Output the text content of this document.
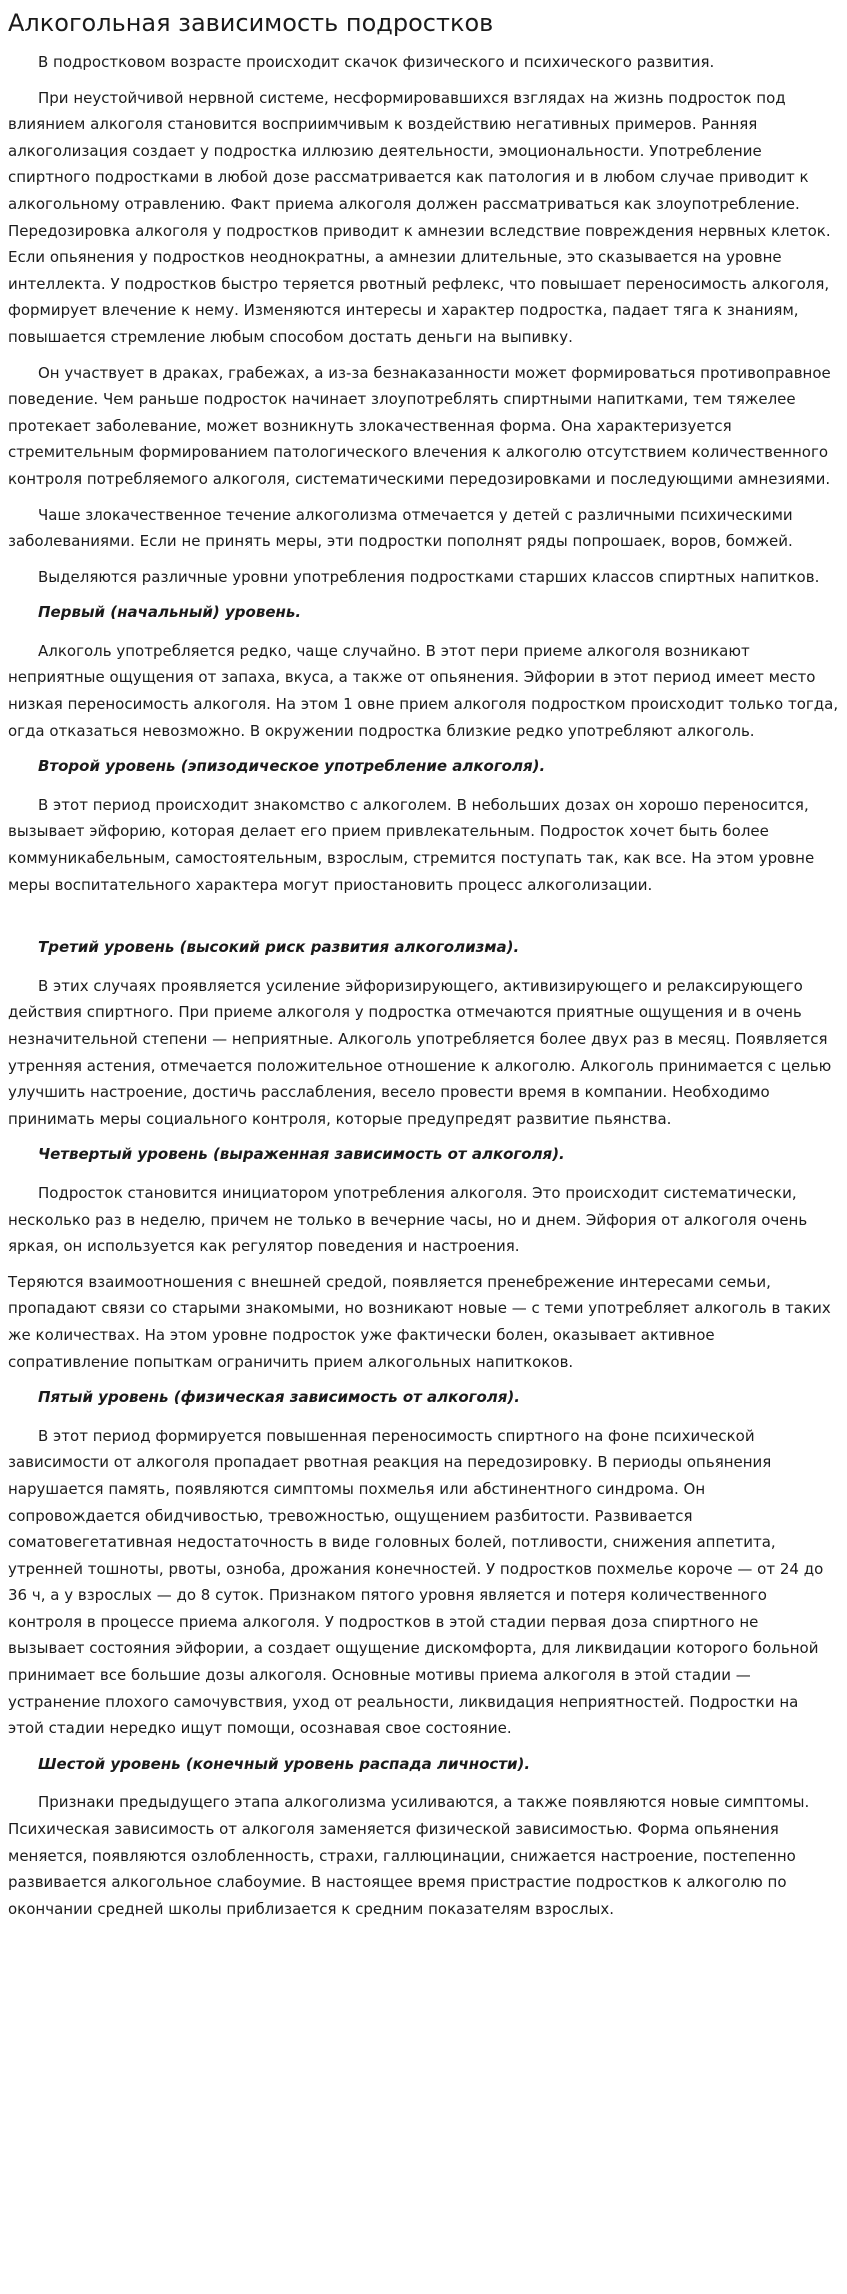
Алкогольная зависимость подростков

В подростковом возрасте происходит скачок физического и психического развития.

При неустойчивой нервной системе, несформировавшихся взглядах на жизнь подросток под влиянием алкоголя становится восприимчивым к воздействию негативных примеров. Ранняя алкоголизация создает у подростка иллюзию деятельности, эмоциональности. Употребление спиртного подростками в любой дозе рассматривается как патология и в любом случае приводит к алкогольному отравлению. Факт приема алкоголя должен рассматриваться как злоупотребление. Передозировка алкоголя у подростков приводит к амнезии вследствие повреждения нервных клеток. Если опьянения у подростков неоднократны, а амнезии длительные, это сказывается на уровне интеллекта. У подростков быстро теряется рвотный рефлекс, что повышает переносимость алкоголя, формирует влечение к нему. Изменяются интересы и характер подростка, падает тяга к знаниям, повышается стремление любым способом достать деньги на выпивку.

Он участвует в драках, грабежах, а из-за безнаказанности может формироваться противоправное поведение. Чем раньше подросток начинает злоупотреблять спиртными напитками, тем тяжелее протекает заболевание, может возникнуть злокачественная форма. Она характеризуется стремительным формированием патологического влечения к алкоголю отсутствием количественного контроля потребляемого алкоголя, систематическими передозировками и последующими амнезиями.

Чаше злокачественное течение алкоголизма отмечается у детей с различными психическими заболеваниями. Если не принять меры, эти подростки пополнят ряды попрошаек, воров, бомжей.

Выделяются различные уровни употребления подростками старших классов спиртных напитков.

Первый (начальный) уровень.

Алкоголь употребляется редко, чаще случайно. В этот пери приеме алкоголя возникают неприятные ощущения от запаха, вкуса, а также от опьянения. Эйфории в этот период имеет место низкая переносимость алкоголя. На этом 1 овне прием алкоголя подростком происходит только тогда, огда отказаться невозможно. В окружении подростка близкие редко употребляют алкоголь.

Второй уровень (эпизодическое употребление алкоголя).

В этот период происходит знакомство с алкоголем. В небольших дозах он хорошо переносится, вызывает эйфорию, которая делает его прием привлекательным. Подросток хочет быть более коммуникабельным, самостоятельным, взрослым, стремится поступать так, как все. На этом уровне меры воспитательного характера могут приостановить процесс алкоголизации.

Третий уровень (высокий риск развития алкоголизма).

В этих случаях проявляется усиление эйфоризирующего, активизирующего и релаксирующего действия спиртного. При приеме алкоголя у подростка отмечаются приятные ощущения и в очень незначительной степени — неприятные. Алкоголь употребляется более двух раз в месяц. Появляется утренняя астения, отмечается положительное отношение к алкоголю. Алкоголь принимается с целью улучшить настроение, достичь расслабления, весело провести время в компании. Необходимо принимать меры социального контроля, которые предупредят развитие пьянства.

Четвертый уровень (выраженная зависимость от алкоголя).

Подросток становится инициатором употребления алкоголя. Это происходит систематически, несколько раз в неделю, причем не только в вечерние часы, но и днем. Эйфория от алкоголя очень яркая, он используется как регулятор поведения и настроения.

Теряются взаимоотношения с внешней средой, появляется пренебрежение интересами семьи, пропадают связи со старыми знакомыми, но возникают новые — с теми употребляет алкоголь в таких же количествах. На этом уровне подросток уже фактически болен, оказывает активное сопративление попыткам ограничить прием алкогольных напиткоков.

Пятый уровень (физическая зависимость от алкоголя).

В этот период формируется повышенная переносимость спиртного на фоне психической зависимости от алкоголя пропадает рвотная реакция на передозировку. В периоды опьянения нарушается память, появляются симптомы похмелья или абстинентного синдрома. Он сопровождается обидчивостью, тревожностью, ощущением разбитости. Развивается соматовегетативная недостаточность в виде головных болей, потливости, снижения аппетита, утренней тошноты, рвоты, озноба, дрожания конечностей. У подростков похмелье короче — от 24 до 36 ч, а у взрослых — до 8 суток. Признаком пятого уровня является и потеря количественного контроля в процессе приема алкоголя. У подростков в этой стадии первая доза спиртного не вызывает состояния эйфории, а создает ощущение дискомфорта, для ликвидации которого больной принимает все большие дозы алкоголя. Основные мотивы приема алкоголя в этой стадии — устранение плохого самочувствия, уход от реальности, ликвидация неприятностей. Подростки на этой стадии нередко ищут помощи, осознавая свое состояние.

Шестой уровень (конечный уровень распада личности).

Признаки предыдущего этапа алкоголизма усиливаются, а также появляются новые симптомы. Психическая зависимость от алкоголя заменяется физической зависимостью. Форма опьянения меняется, появляются озлобленность, страхи, галлюцинации, снижается настроение, постепенно развивается алкогольное слабоумие. В настоящее время пристрастие подростков к алкоголю по окончании средней школы приблизается к средним показателям взрослых.
